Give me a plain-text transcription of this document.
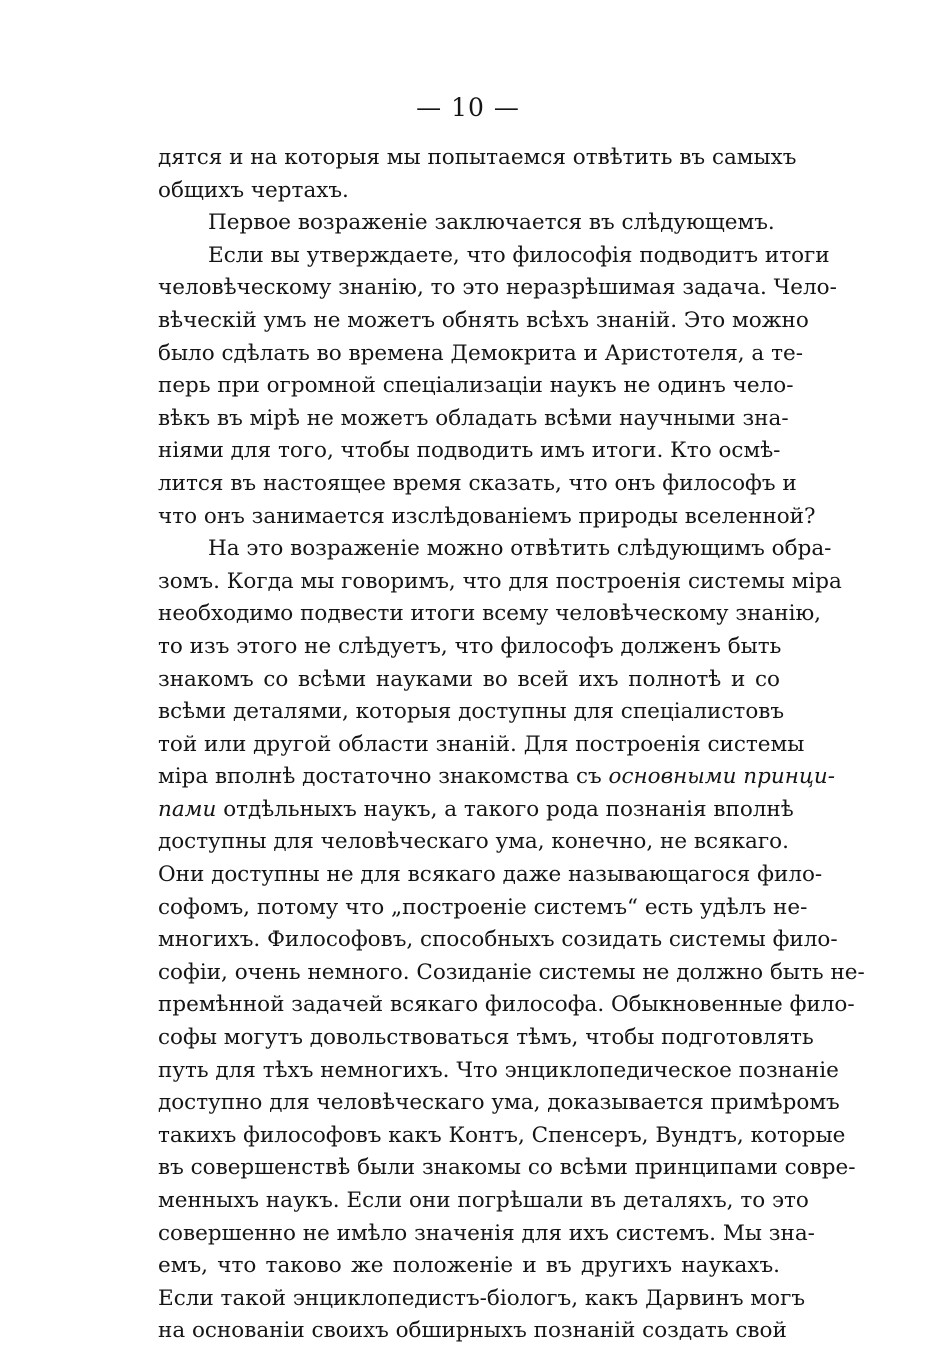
— 10 —
дятся и на которыя мы попытаемся отвѣтить въ самыхъ
общихъ чертахъ.
Первое возраженіе заключается въ слѣдующемъ.
Если вы утверждаете, что философія подводитъ итоги
человѣческому знанію, то это неразрѣшимая задача. Чело-
вѣческій умъ не можетъ обнять всѣхъ знаній. Это можно
было сдѣлать во времена Демокрита и Аристотеля, а те-
перь при огромной спеціализаціи наукъ не одинъ чело-
вѣкъ въ мірѣ не можетъ обладать всѣми научными зна-
ніями для того, чтобы подводить имъ итоги. Кто осмѣ-
лится въ настоящее время сказать, что онъ философъ и
что онъ занимается изслѣдованіемъ природы вселенной?
На это возраженіе можно отвѣтить слѣдующимъ обра-
зомъ. Когда мы говоримъ, что для построенія системы міра
необходимо подвести итоги всему человѣческому знанію,
то изъ этого не слѣдуетъ, что философъ долженъ быть
знакомъ со всѣми науками во всей ихъ полнотѣ и со
всѣми деталями, которыя доступны для спеціалистовъ
той или другой области знаній. Для построенія системы
міра вполнѣ достаточно знакомства съ основными принци-
пами отдѣльныхъ наукъ, а такого рода познанія вполнѣ
доступны для человѣческаго ума, конечно, не всякаго.
Они доступны не для всякаго даже называющагося фило-
софомъ, потому что „построеніе системъ“ есть удѣлъ не-
многихъ. Философовъ, способныхъ созидать системы фило-
софіи, очень немного. Созиданіе системы не должно быть не-
премѣнной задачей всякаго философа. Обыкновенные фило-
софы могутъ довольствоваться тѣмъ, чтобы подготовлять
путь для тѣхъ немногихъ. Что энциклопедическое познаніе
доступно для человѣческаго ума, доказывается примѣромъ
такихъ философовъ какъ Контъ, Спенсеръ, Вундтъ, которые
въ совершенствѣ были знакомы со всѣми принципами совре-
менныхъ наукъ. Если они погрѣшали въ деталяхъ, то это
совершенно не имѣло значенія для ихъ системъ. Мы зна-
емъ, что таково же положеніе и въ другихъ наукахъ.
Если такой энциклопедистъ-біологъ, какъ Дарвинъ могъ
на основаніи своихъ обширныхъ познаній создать свой
